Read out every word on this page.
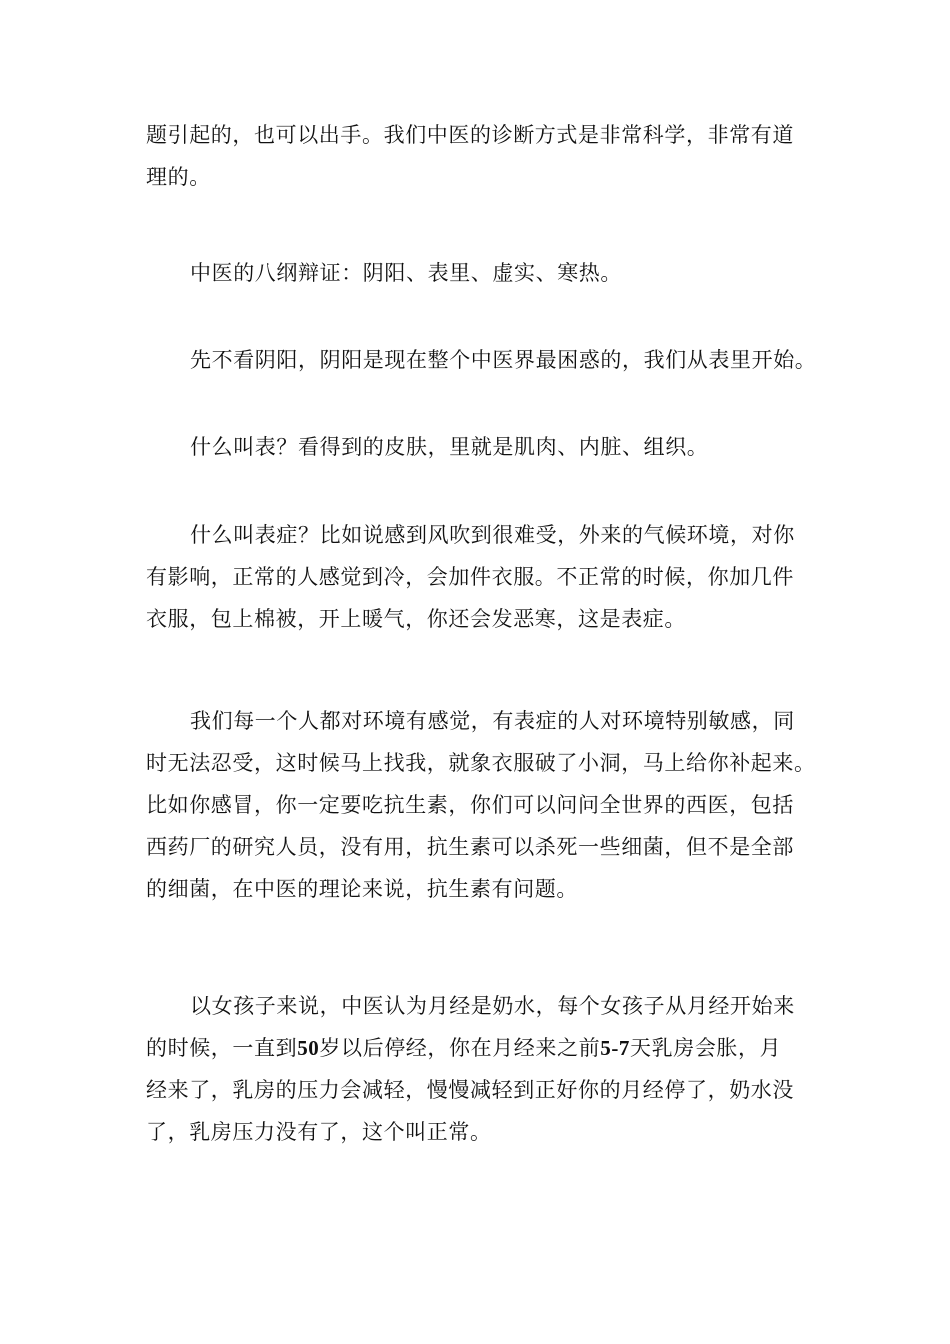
题引起的，也可以出手。我们中医的诊断方式是非常科学，非常有道
理的。
中医的八纲辩证：阴阳、表里、虚实、寒热。
先不看阴阳，阴阳是现在整个中医界最困惑的，我们从表里开始。
什么叫表？看得到的皮肤，里就是肌肉、内脏、组织。
什么叫表症？比如说感到风吹到很难受，外来的气候环境，对你
有影响，正常的人感觉到冷，会加件衣服。不正常的时候，你加几件
衣服，包上棉被，开上暖气，你还会发恶寒，这是表症。
我们每一个人都对环境有感觉，有表症的人对环境特别敏感，同
时无法忍受，这时候马上找我，就象衣服破了小洞，马上给你补起来。
比如你感冒，你一定要吃抗生素，你们可以问问全世界的西医，包括
西药厂的研究人员，没有用，抗生素可以杀死一些细菌，但不是全部
的细菌，在中医的理论来说，抗生素有问题。
以女孩子来说，中医认为月经是奶水，每个女孩子从月经开始来
的时候，一直到50岁以后停经，你在月经来之前5-7天乳房会胀，月
经来了，乳房的压力会减轻，慢慢减轻到正好你的月经停了，奶水没
了，乳房压力没有了，这个叫正常。
